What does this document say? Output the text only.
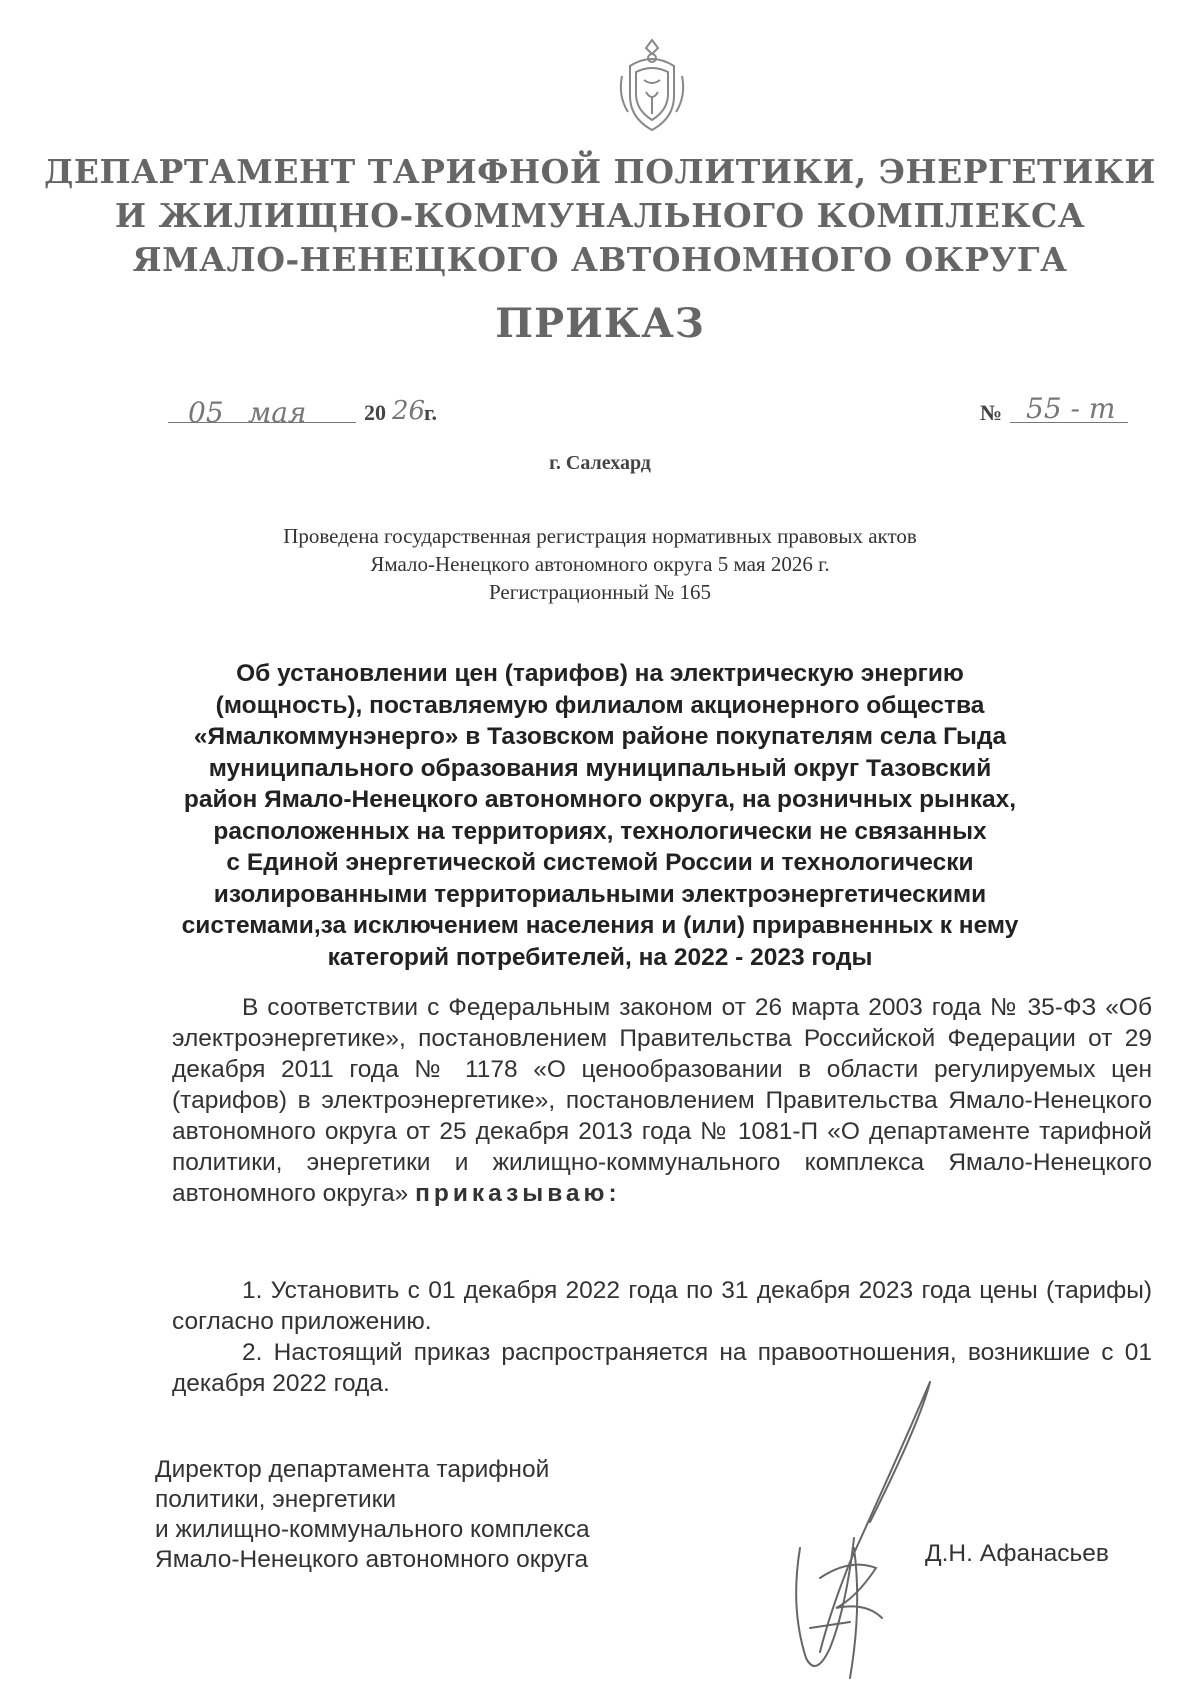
ДЕПАРТАМЕНТ ТАРИФНОЙ ПОЛИТИКИ, ЭНЕРГЕТИКИ
И ЖИЛИЩНО-КОММУНАЛЬНОГО КОМПЛЕКСА
ЯМАЛО-НЕНЕЦКОГО АВТОНОМНОГО ОКРУГА
ПРИКАЗ
05 мая	20 26
г.	№ 55 - т
г. Салехард
Проведена государственная регистрация нормативных правовых актов
Ямало-Ненецкого автономного округа 5 мая 2026 г.
Регистрационный № 165
Об установлении цен (тарифов) на электрическую энергию
(мощность), поставляемую филиалом акционерного общества
«Ямалкоммунэнерго» в Тазовском районе покупателям села Гыда
муниципального образования муниципальный округ Тазовский
район Ямало-Ненецкого автономного округа, на розничных рынках,
расположенных на территориях, технологически не связанных
с Единой энергетической системой России и технологически
изолированными территориальными электроэнергетическими
системами,за исключением населения и (или) приравненных к нему
категорий потребителей, на 2022 - 2023 годы
В соответствии с Федеральным законом от 26 марта 2003 года № 35-ФЗ «Об электроэнергетике», постановлением Правительства Российской Федерации от 29 декабря 2011 года № 1178 «О ценообразовании в области регулируемых цен (тарифов) в электроэнергетике», постановлением Правительства Ямало-Ненецкого автономного округа от 25 декабря 2013 года № 1081-П «О департаменте тарифной политики, энергетики и жилищно-коммунального комплекса Ямало-Ненецкого автономного округа» приказываю:
1. Установить с 01 декабря 2022 года по 31 декабря 2023 года цены (тарифы) согласно приложению.
2. Настоящий приказ распространяется на правоотношения, возникшие с 01 декабря 2022 года.
Директор департамента тарифной
политики, энергетики
и жилищно-коммунального комплекса
Ямало-Ненецкого автономного округа	Д.Н. Афанасьев
